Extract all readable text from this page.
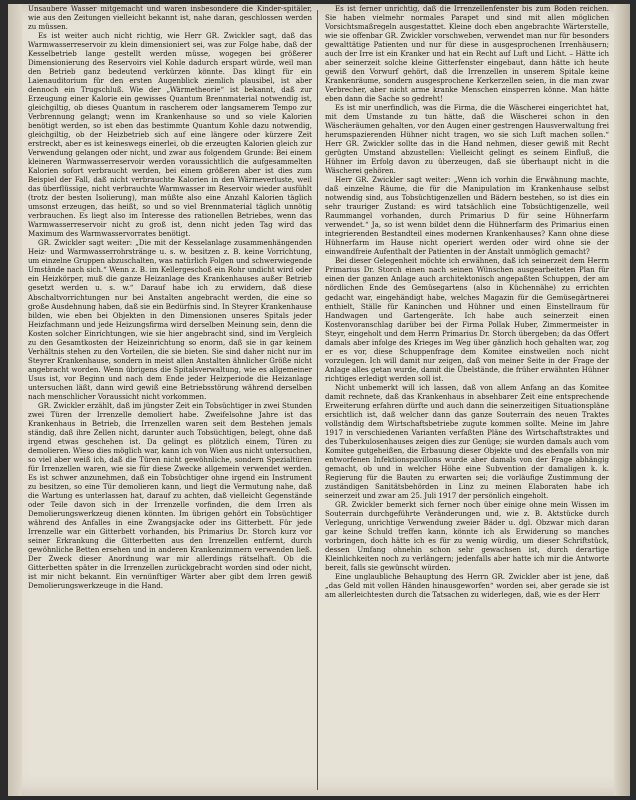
Unsaubere Wasser mitgemacht und waren insbesondere die Kinder-spitäler, wie aus den Zeitungen vielleicht bekannt ist, nahe daran, geschlossen werden zu müssen.

Es ist weiter auch nicht richtig, wie Herr GR. Zwickler sagt, daß das Warmwasserreservoir zu klein dimensioniert sei, was zur Folge habe, daß der Kesselbetrieb lange gestellt werden müsse, wogegen bei größerer Dimensionierung des Reservoirs viel Kohle dadurch erspart würde, weil man den Betrieb ganz bedeutend verkürzen könnte. Das klingt für ein Laienauditorium für den ersten Augenblick ziemlich plausibel, ist aber dennoch ein Trugschluß. Wie der „Wärmetheorie“ ist bekannt, daß zur Erzeugung einer Kalorie ein gewisses Quantum Brennmaterial notwendig ist, gleichgiltig, ob dieses Quantum in rascherem oder langsamerem Tempo zur Verbrennung gelangt; wenn im Krankenhause so und so viele Kalorien benötigt werden, so ist eben das bestimmte Quantum Kohle dazu notwendig, gleichgiltig, ob der Heizbetrieb sich auf eine längere oder kürzere Zeit erstreckt, aber es ist keineswegs einerlei, ob die erzeugten Kalorien gleich zur Verwendung gelangen oder nicht, und zwar aus folgendem Grunde: Bei einem kleineren Warmwasserreservoir werden voraussichtlich die aufgesammelten Kalorien sofort verbraucht werden, bei einem größeren aber ist dies zum Beispiel der Fall, daß nicht verbrauchte Kalorien in den Wärmeverluste, weil das überflüssige, nicht verbrauchte Warmwasser im Reservoir wieder ausfühlt (trotz der besten Isolierung), man müßte also eine Anzahl Kalorien täglich umsonst erzeugen, das heißt, so und so viel Brennmaterial täglich unnötig verbrauchen. Es liegt also im Interesse des rationellen Betriebes, wenn das Warmwasserreservoir nicht zu groß ist, denn nicht jeden Tag wird das Maximum des Warmwasservorrates benötigt.

GR. Zwickler sagt weiter: „Die mit der Kesselanlage zusammenhängenden Heiz- und Warmwasserrohrstränge u. s. w. besitzen z. B. keine Vorrichtung, um einzelne Gruppen abzuschalten, was natürlich Folgen und schwerwiegende Umstände nach sich.“ Wenn z. B. im Kellergeschoß ein Rohr undicht wird oder ein Heizkörper, muß die ganze Heizanlage des Krankenhauses außer Betrieb gesetzt werden u. s. w.“ Darauf habe ich zu erwidern, daß diese Abschaltvorrichtungen nur bei Anstalten angebracht werden, die eine so große Ausdehnung haben, daß sie ein Bedürfnis sind. In Steyrer Krankenhause bilden, wie eben bei Objekten in den Dimensionen unseres Spitals jeder Heizfachmann und jede Heizungsfirma wird derselben Meinung sein, denn die Kosten solcher Einrichtungen, wie sie hier angebracht sind, sind im Vergleich zu den Gesamtkosten der Heizeinrichtung so enorm, daß sie in gar keinem Verhältnis stehen zu den Vorteilen, die sie bieten. Sie sind daher nicht nur im Steyrer Krankenhause, sondern in meist allen Anstalten ähnlicher Größe nicht angebracht worden. Wenn übrigens die Spitalsverwaltung, wie es allgemeiner Usus ist, vor Beginn und nach dem Ende jeder Heizperiode die Heizanlage untersuchen läßt, dann wird gewiß eine Betriebsstörung während derselben nach menschlicher Voraussicht nicht vorkommen.

GR. Zwickler erzählt, daß im jüngster Zeit ein Tobsüchtiger in zwei Stunden zwei Türen der Irrenzelle demoliert habe. Zweifelsohne Jahre ist das Krankenhaus in Betrieb, die Irrenzellen waren seit dem Bestehen jemals ständig, daß ihre Zellen nicht, darunter auch Tobsüchtigen, belegt, ohne daß irgend etwas geschehen ist. Da gelingt es plötzlich einem, Türen zu demolieren. Wieso dies möglich war, kann ich von Wien aus nicht untersuchen, so viel aber weiß ich, daß die Türen nicht gewöhnliche, sondern Spezialtüren für Irrenzellen waren, wie sie für diese Zwecke allgemein verwendet werden. Es ist schwer anzunehmen, daß ein Tobsüchtiger ohne irgend ein Instrument zu besitzen, so eine Tür demolieren kann, und liegt die Vermutung nahe, daß die Wartung es unterlassen hat, darauf zu achten, daß vielleicht Gegenstände oder Teile davon sich in der Irrenzelle vorfinden, die dem Irren als Demolierungswerkzeug dienen könnten. Im übrigen gehört ein Tobsüchtiger während des Anfalles in eine Zwangsjacke oder ins Gitterbett. Für jede Irrenzelle war ein Gitterbett vorhanden, bis Primarius Dr. Storch kurz vor seiner Erkrankung die Gitterbetten aus den Irrenzellen entfernt, durch gewöhnliche Betten ersehen und in anderen Krankenzimmern verwenden ließ. Der Zweck dieser Anordnung war mir allerdings rätselhaft. Ob die Gitterbetten später in die Irrenzellen zurückgebracht worden sind oder nicht, ist mir nicht bekannt. Ein vernünftiger Wärter aber gibt dem Irren gewiß Demolierungswerkzeuge in die Hand.

Es ist ferner unrichtig, daß die Irrenzellenfenster bis zum Boden reichen. Sie haben vielmehr normales Parapet und sind mit allen möglichen Vorsichtsmaßregeln ausgestattet. Kleine doch eben angebrachte Wärterstelle, wie sie offenbar GR. Zwickler vorschweben, verwendet man nur für besonders gewalttätige Patienten und nur für diese in ausgesprochenen Irrenhäusern; auch der Irre ist ein Kranker und hat ein Recht auf Luft und Licht. – Hätte ich aber seinerzeit solche kleine Gitterfenster eingebaut, dann hätte ich heute gewiß den Vorwurf gehört, daß die Irrenzellen in unserem Spitale keine Krankenräume, sondern ausgesprochene Kerkerzellen seien, in die man zwar Verbrecher, aber nicht arme kranke Menschen einsperren könne. Man hätte eben dann die Sache so gedreht!

Es ist mir unerfindlich, was die Firma, die die Wäscherei eingerichtet hat, mit dem Umstande zu tun hätte, daß die Wäscherei schon in den Wäscheräumen gehalten, vor den Augen einer gestrengen Hausverwaltung frei herumspazierenden Hühner nicht tragen, wo sie sich Luft machen sollen.“ Herr GR. Zwickler sollte das in die Hand nehmen, dieser gewiß mit Recht gerügten Umstand abzustellen: Vielleicht gelingt es seinem Einfluß, die Hühner im Erfolg davon zu überzeugen, daß sie überhaupt nicht in die Wäscherei gehören.

Herr GR. Zwickler sagt weiter: „Wenn ich vorhin die Erwähnung machte, daß einzelne Räume, die für die Manipulation im Krankenhause selbst notwendig sind, aus Tobsüchtigenzellen und Bädern bestehen, so ist dies ein sehr trauriger Zustand: es wird tatsächlich eine Tobsüchtigenzelle, weil Raummangel vorhanden, durch Primarius D für seine Hühnerfarm verwendet.“ Ja, so ist wenn bildet denn die Hühnerfarm des Primarius einen integrierenden Bestandteil eines modernen Krankenhauses? Kann ohne diese Hühnerfarm im Hause nicht operiert werden oder wird ohne sie der einwandfreie Aufenthalt der Patienten in der Anstalt unmöglich gemacht?

Bei dieser Gelegenheit möchte ich erwähnen, daß ich seinerzeit dem Herrn Primarius Dr. Storch einen nach seinen Wünschen ausgearbeiteten Plan für einen der ganzen Anlage auch architektonisch angepaßten Schuppen, der am nördlichen Ende des Gemüsegartens (also in Küchennähe) zu errichten gedacht war, eingehändigt habe, welches Magazin für die Gemüsegärtnerei enthielt, Ställe für Kaninchen und Hühner und einen Einstellraum für Handwagen und Gartengeräte. Ich habe auch seinerzeit einen Kostenvoranschlag darüber bei der Firma Pollak Huber, Zimmermeister in Steyr, eingeholt und dem Herrn Primarius Dr. Storch übergeben; da das Offert damals aber infolge des Krieges im Weg über gänzlich hoch gehalten war, zog er es vor, diese Schuppenfrage dem Komitee einstweilen noch nicht vorzulegen. Ich will damit nur zeigen, daß von meiner Seite in der Frage der Anlage alles getan wurde, damit die Übelstände, die früher erwähnten Hühner richtiges erledigt werden soll ist.

Nicht unbemerkt will ich lassen, daß von allem Anfang an das Komitee damit rechnete, daß das Krankenhaus in absehbarer Zeit eine entsprechende Erweiterung erfahren dürfte und auch dann die seinerzeitigen Situationspläne ersichtlich ist, daß welcher dann das ganze Souterrain des neuen Traktes vollständig dem Wirtschaftsbetriebe zugute kommen sollte. Meine im Jahre 1917 in verschiedenen Varianten verfaßten Pläne des Wirtschaftstraktes und des Tuberkulosenhauses zeigen dies zur Genüge; sie wurden damals auch vom Komitee gutgeheißen, die Erbauung dieser Objekte und des ebenfalls von mir entworfenen Infektionspavillons wurde aber damals von der Frage abhängig gemacht, ob und in welcher Höhe eine Subvention der damaligen k. k. Regierung für die Bauten zu erwarten sei; die vorläufige Zustimmung der zuständigen Sanitätsbehörden in Linz zu meinen Elaboraten habe ich seinerzeit und zwar am 25. Juli 1917 der persönlich eingeholt.

GR. Zwickler bemerkt sich ferner noch über einige ohne mein Wissen im Souterrain durchgeführte Veränderungen und, wie z. B. Aktstücke durch Verlegung, unrichtige Verwendung zweier Bäder u. dgl. Obzwar mich daran gar keine Schuld treffen kann, könnte ich als Erwiderung so manches vorbringen, doch hätte ich es für zu wenig würdig, um dieser Schriftstück, dessen Umfang ohnehin schon sehr gewachsen ist, durch derartige Kleinlichkeiten noch zu verlängern; jedenfalls aber hatte ich mir die Antworte bereit, falls sie gewünscht würden.

Eine unglaubliche Behauptung des Herrn GR. Zwickler aber ist jene, daß „das Geld mit vollen Händen hinausgeworfen“ worden sei, aber gerade sie ist am allerleichtesten durch die Tatsachen zu widerlegen, daß, wie es der Herr
